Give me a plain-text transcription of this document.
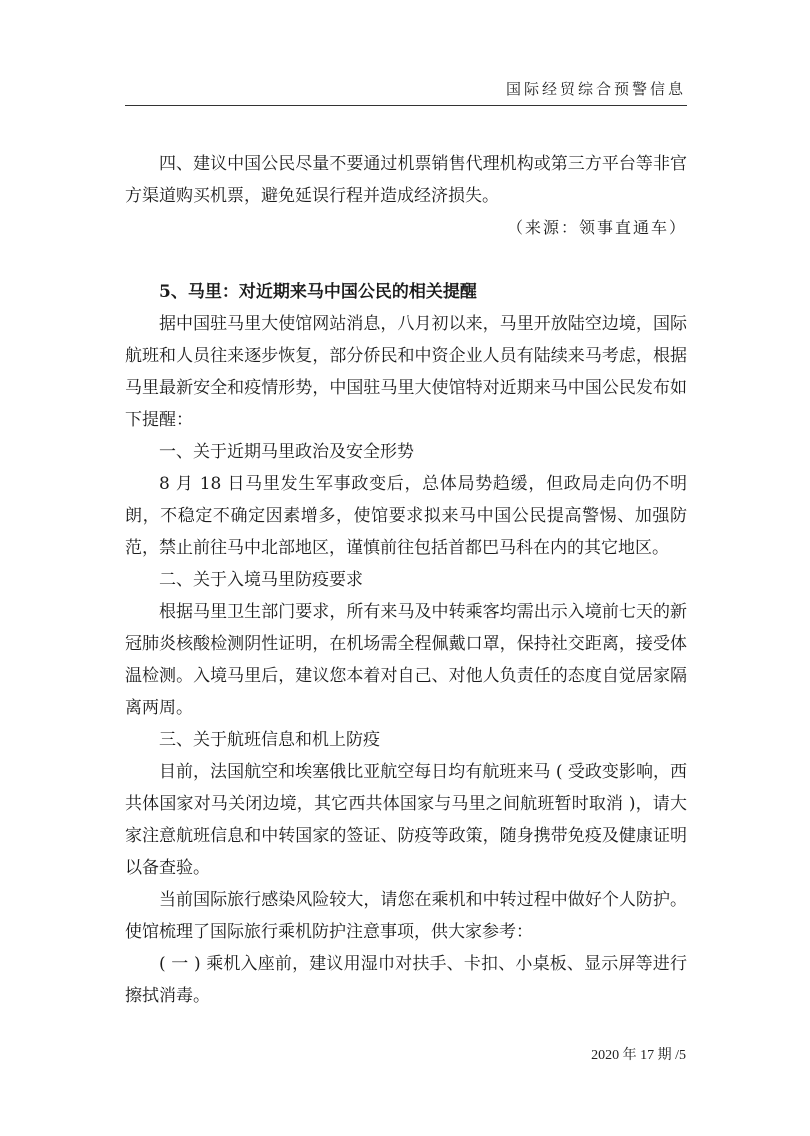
国际经贸综合预警信息

四、建议中国公民尽量不要通过机票销售代理机构或第三方平台等非官方渠道购买机票，避免延误行程并造成经济损失。

（来源：领事直通车）

5、马里：对近期来马中国公民的相关提醒

据中国驻马里大使馆网站消息，八月初以来，马里开放陆空边境，国际航班和人员往来逐步恢复，部分侨民和中资企业人员有陆续来马考虑，根据马里最新安全和疫情形势，中国驻马里大使馆特对近期来马中国公民发布如下提醒：

一、关于近期马里政治及安全形势

8 月 18 日马里发生军事政变后，总体局势趋缓，但政局走向仍不明朗，不稳定不确定因素增多，使馆要求拟来马中国公民提高警惕、加强防范，禁止前往马中北部地区，谨慎前往包括首都巴马科在内的其它地区。

二、关于入境马里防疫要求

根据马里卫生部门要求，所有来马及中转乘客均需出示入境前七天的新冠肺炎核酸检测阴性证明，在机场需全程佩戴口罩，保持社交距离，接受体温检测。入境马里后，建议您本着对自己、对他人负责任的态度自觉居家隔离两周。

三、关于航班信息和机上防疫

目前，法国航空和埃塞俄比亚航空每日均有航班来马 ( 受政变影响，西共体国家对马关闭边境，其它西共体国家与马里之间航班暂时取消 )，请大家注意航班信息和中转国家的签证、防疫等政策，随身携带免疫及健康证明以备查验。

当前国际旅行感染风险较大，请您在乘机和中转过程中做好个人防护。使馆梳理了国际旅行乘机防护注意事项，供大家参考：

( 一 ) 乘机入座前，建议用湿巾对扶手、卡扣、小桌板、显示屏等进行擦拭消毒。

2020 年 17 期 /5
